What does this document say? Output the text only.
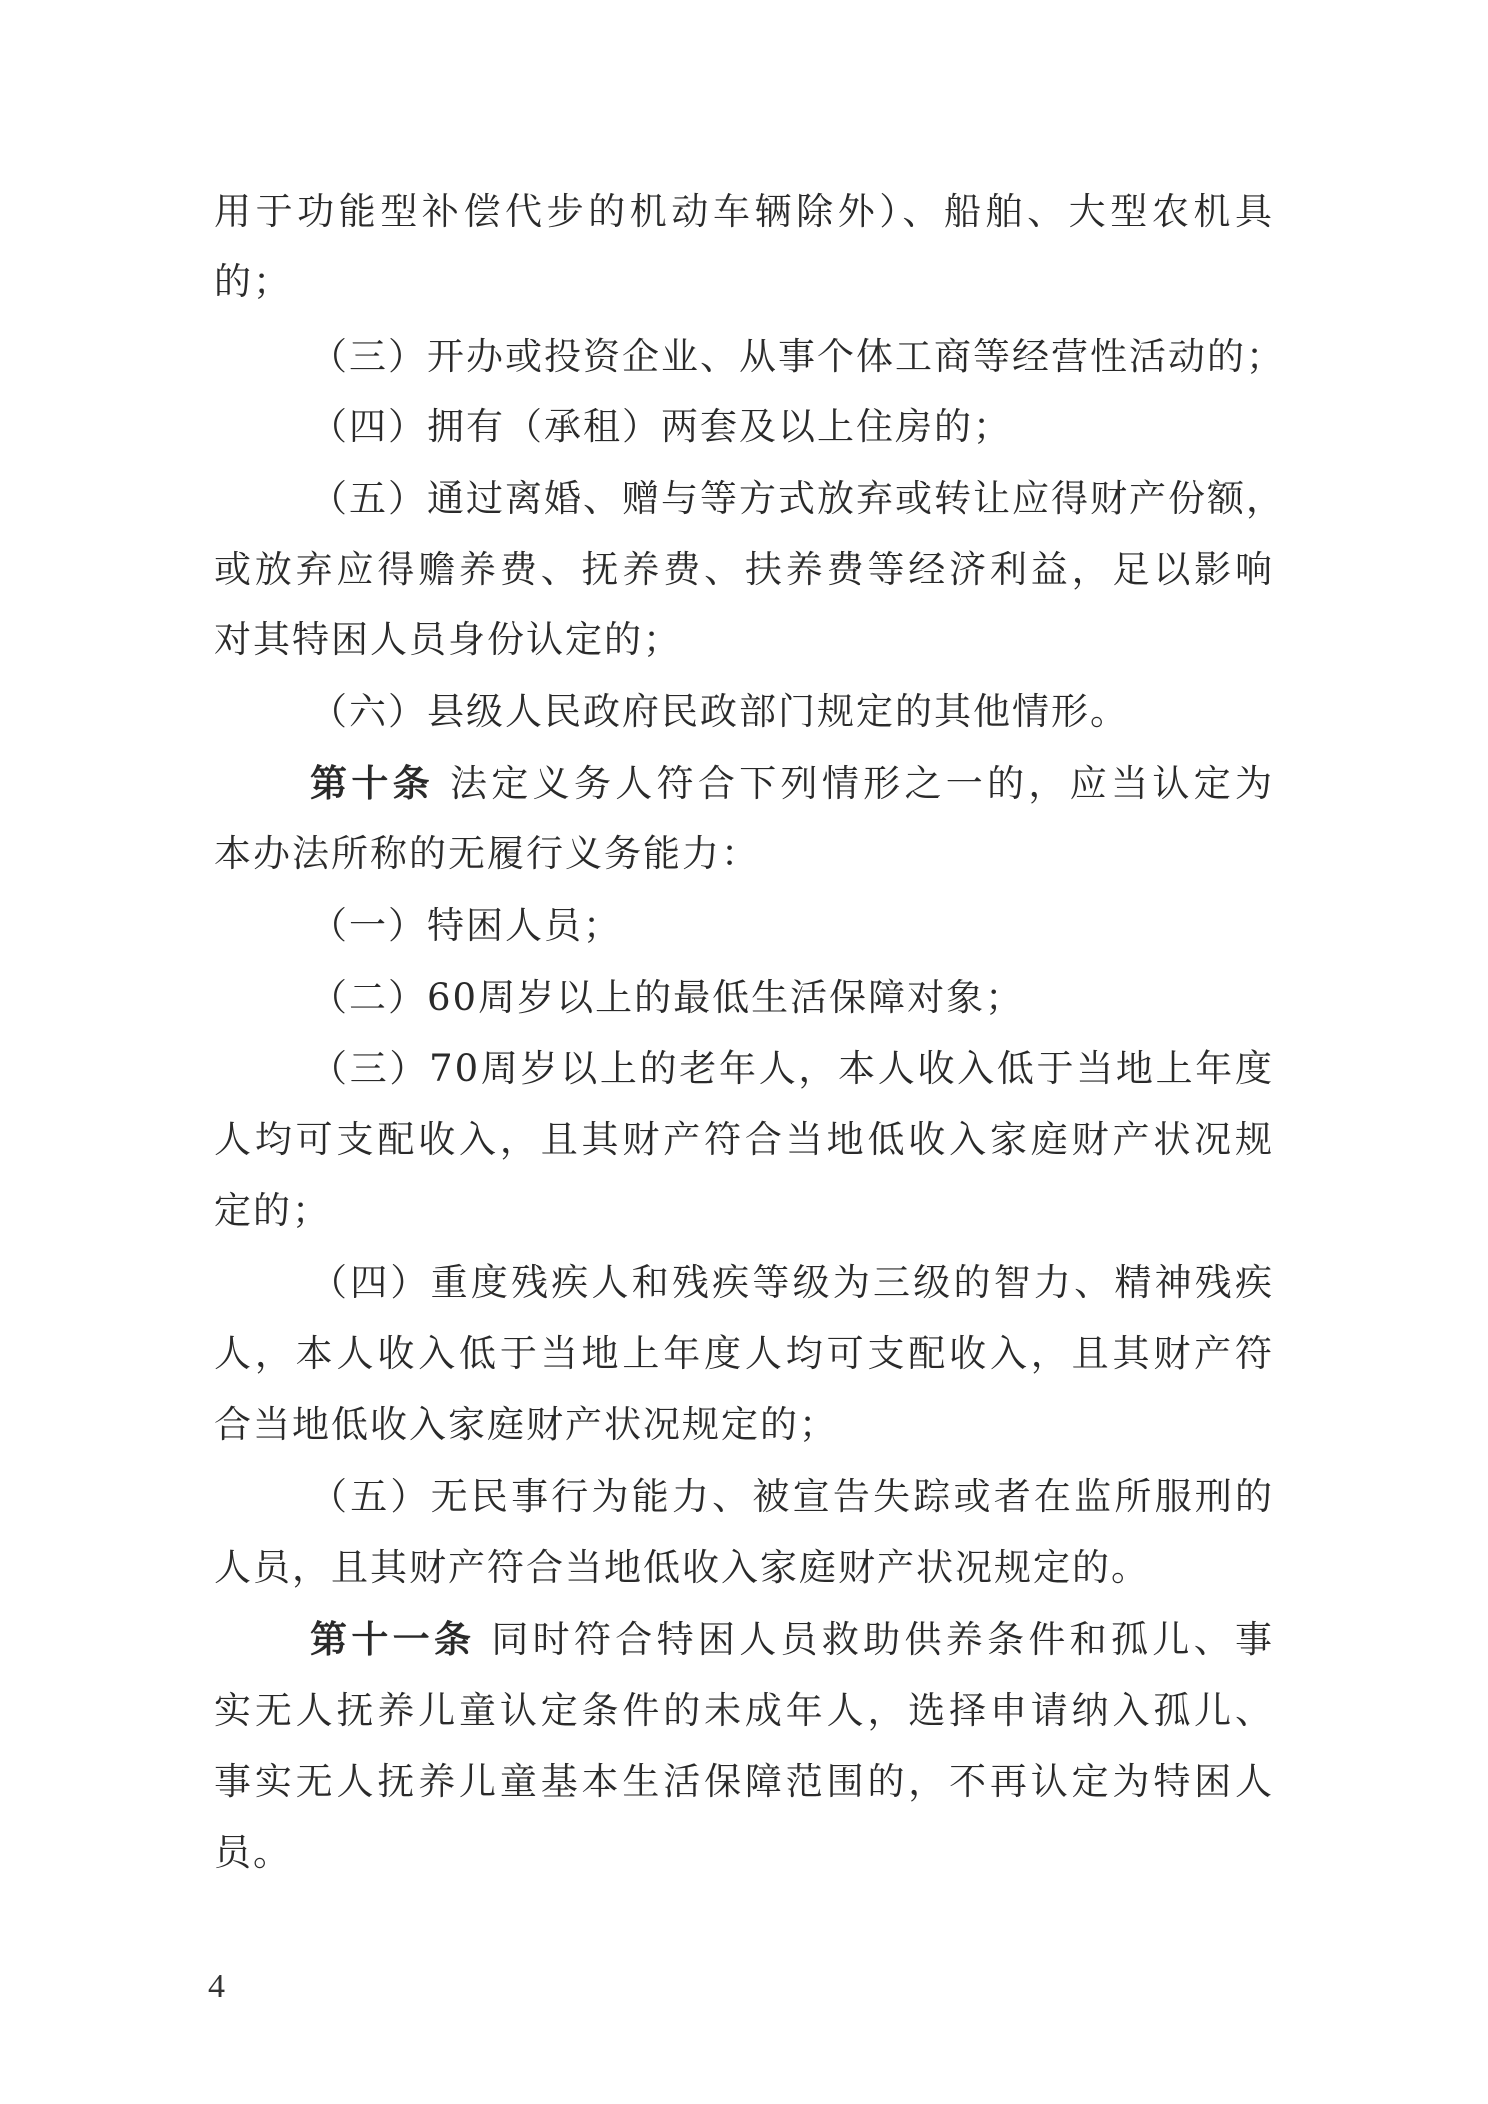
用于功能型补偿代步的机动车辆除外）、船舶、大型农机具
的；
（三）开办或投资企业、从事个体工商等经营性活动的；
（四）拥有（承租）两套及以上住房的；
（五）通过离婚、赠与等方式放弃或转让应得财产份额，
或放弃应得赡养费、抚养费、扶养费等经济利益，足以影响
对其特困人员身份认定的；
（六）县级人民政府民政部门规定的其他情形。
第十条 法定义务人符合下列情形之一的，应当认定为
本办法所称的无履行义务能力：
（一）特困人员；
（二）60周岁以上的最低生活保障对象；
（三）70周岁以上的老年人，本人收入低于当地上年度
人均可支配收入，且其财产符合当地低收入家庭财产状况规
定的；
（四）重度残疾人和残疾等级为三级的智力、精神残疾
人，本人收入低于当地上年度人均可支配收入，且其财产符
合当地低收入家庭财产状况规定的；
（五）无民事行为能力、被宣告失踪或者在监所服刑的
人员，且其财产符合当地低收入家庭财产状况规定的。
第十一条 同时符合特困人员救助供养条件和孤儿、事
实无人抚养儿童认定条件的未成年人，选择申请纳入孤儿、
事实无人抚养儿童基本生活保障范围的，不再认定为特困人
员。
4
